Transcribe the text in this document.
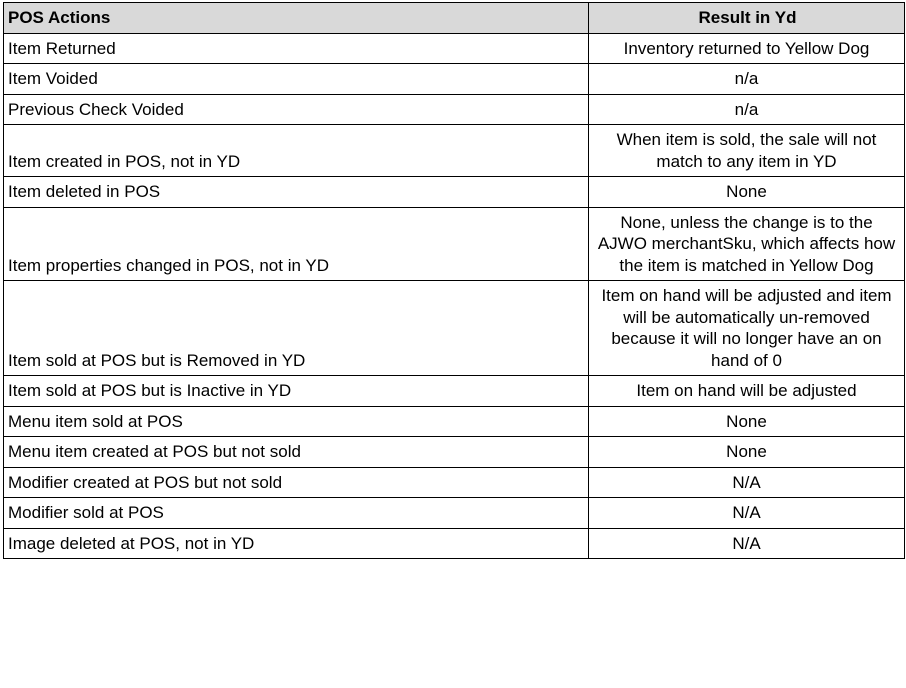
POS Actions	Result in Yd
Item Returned	Inventory returned to Yellow Dog
Item Voided	n/a
Previous Check Voided	n/a
Item created in POS, not in YD	When item is sold, the sale will not match to any item in YD
Item deleted in POS	None
Item properties changed in POS, not in YD	None, unless the change is to the AJWO merchantSku, which affects how the item is matched in Yellow Dog
Item sold at POS but is Removed in YD	Item on hand will be adjusted and item will be automatically un-removed because it will no longer have an on hand of 0
Item sold at POS but is Inactive in YD	Item on hand will be adjusted
Menu item sold at POS	None
Menu item created at POS but not sold	None
Modifier created at POS but not sold	N/A
Modifier sold at POS	N/A
Image deleted at POS, not in YD	N/A
